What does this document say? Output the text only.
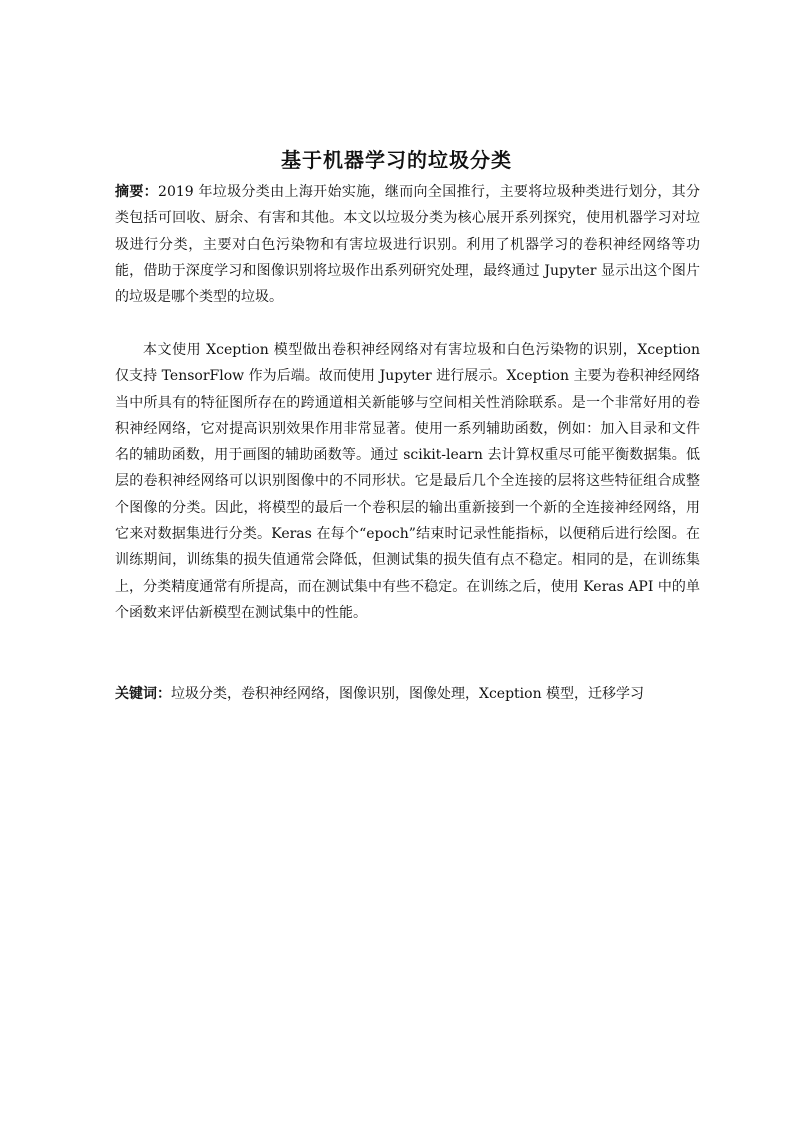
基于机器学习的垃圾分类
摘要：2019 年垃圾分类由上海开始实施，继而向全国推行，主要将垃圾种类进行划分，其分类包括可回收、厨余、有害和其他。本文以垃圾分类为核心展开系列探究，使用机器学习对垃圾进行分类，主要对白色污染物和有害垃圾进行识别。利用了机器学习的卷积神经网络等功能，借助于深度学习和图像识别将垃圾作出系列研究处理，最终通过 Jupyter 显示出这个图片的垃圾是哪个类型的垃圾。
本文使用 Xception 模型做出卷积神经网络对有害垃圾和白色污染物的识别，Xception 仅支持 TensorFlow 作为后端。故而使用 Jupyter 进行展示。Xception 主要为卷积神经网络当中所具有的特征图所存在的跨通道相关新能够与空间相关性消除联系。是一个非常好用的卷积神经网络，它对提高识别效果作用非常显著。使用一系列辅助函数，例如：加入目录和文件名的辅助函数，用于画图的辅助函数等。通过 scikit-learn 去计算权重尽可能平衡数据集。低层的卷积神经网络可以识别图像中的不同形状。它是最后几个全连接的层将这些特征组合成整个图像的分类。因此，将模型的最后一个卷积层的输出重新接到一个新的全连接神经网络，用它来对数据集进行分类。Keras 在每个“epoch”结束时记录性能指标，以便稍后进行绘图。在训练期间，训练集的损失值通常会降低，但测试集的损失值有点不稳定。相同的是，在训练集上，分类精度通常有所提高，而在测试集中有些不稳定。在训练之后，使用 Keras API 中的单个函数来评估新模型在测试集中的性能。
关键词：垃圾分类，卷积神经网络，图像识别，图像处理，Xception 模型，迁移学习
